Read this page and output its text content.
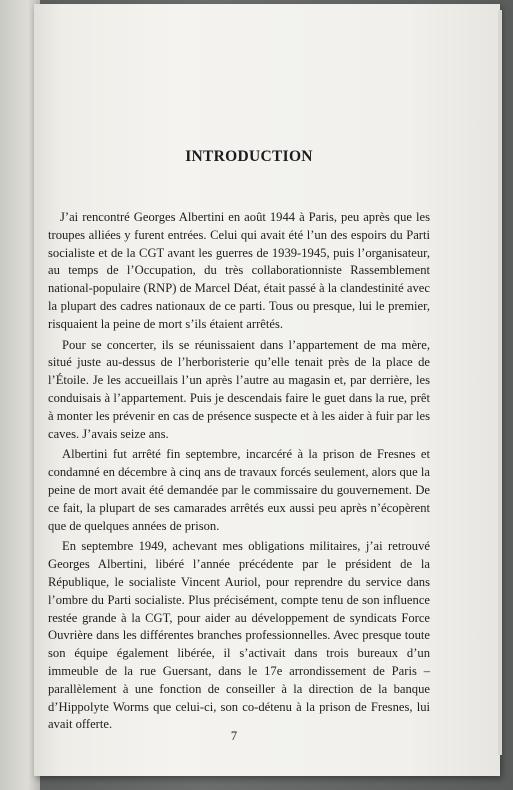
INTRODUCTION

J’ai rencontré Georges Albertini en août 1944 à Paris, peu après que les troupes alliées y furent entrées. Celui qui avait été l’un des espoirs du Parti socialiste et de la CGT avant les guerres de 1939-1945, puis l’organisateur, au temps de l’Occupation, du très collaborationniste Rassemblement national-populaire (RNP) de Marcel Déat, était passé à la clandestinité avec la plupart des cadres nationaux de ce parti. Tous ou presque, lui le premier, risquaient la peine de mort s’ils étaient arrêtés.

Pour se concerter, ils se réunissaient dans l’appartement de ma mère, situé juste au-dessus de l’herboristerie qu’elle tenait près de la place de l’Étoile. Je les accueillais l’un après l’autre au magasin et, par derrière, les conduisais à l’appartement. Puis je descendais faire le guet dans la rue, prêt à monter les prévenir en cas de présence suspecte et à les aider à fuir par les caves. J’avais seize ans.

Albertini fut arrêté fin septembre, incarcéré à la prison de Fresnes et condamné en décembre à cinq ans de travaux forcés seulement, alors que la peine de mort avait été demandée par le commissaire du gouvernement. De ce fait, la plupart de ses camarades arrêtés eux aussi peu après n’écopèrent que de quelques années de prison.

En septembre 1949, achevant mes obligations militaires, j’ai retrouvé Georges Albertini, libéré l’année précédente par le président de la République, le socialiste Vincent Auriol, pour reprendre du service dans l’ombre du Parti socialiste. Plus précisément, compte tenu de son influence restée grande à la CGT, pour aider au développement de syndicats Force Ouvrière dans les différentes branches professionnelles. Avec presque toute son équipe également libérée, il s’activait dans trois bureaux d’un immeuble de la rue Guersant, dans le 17e arrondissement de Paris – parallèlement à une fonction de conseiller à la direction de la banque d’Hippolyte Worms que celui-ci, son co-détenu à la prison de Fresnes, lui avait offerte.

7
